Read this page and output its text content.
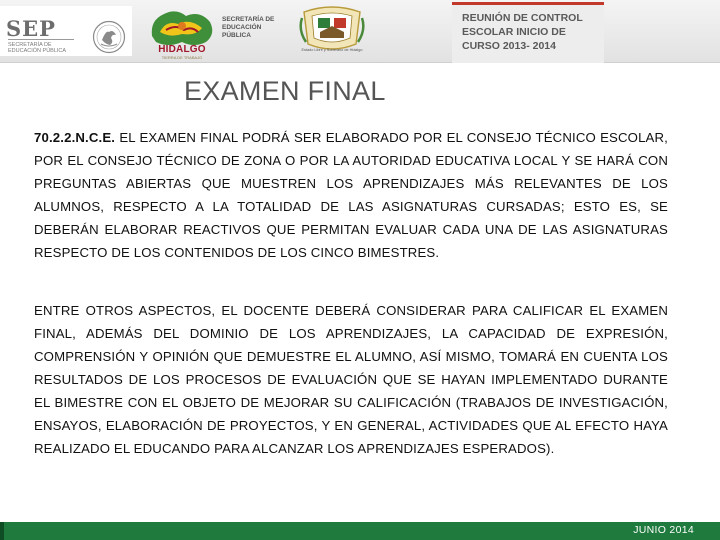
SEP
SECRETARÍA DE EDUCACIÓN PÚBLICA	HIDALGO
TIERRA DE TRABAJO
SECRETARÍA DE EDUCACIÓN PÚBLICA
Estado Libre y Soberano de Hidalgo
REUNIÓN DE CONTROL ESCOLAR INICIO DE CURSO 2013- 2014
EXAMEN FINAL
70.2.2.N.C.E. EL EXAMEN FINAL PODRÁ SER ELABORADO POR EL CONSEJO TÉCNICO ESCOLAR, POR EL CONSEJO TÉCNICO DE ZONA O POR LA AUTORIDAD EDUCATIVA LOCAL Y SE HARÁ CON PREGUNTAS ABIERTAS QUE MUESTREN LOS APRENDIZAJES MÁS RELEVANTES DE LOS ALUMNOS, RESPECTO A LA TOTALIDAD DE LAS ASIGNATURAS CURSADAS; ESTO ES, SE DEBERÁN ELABORAR REACTIVOS QUE PERMITAN EVALUAR CADA UNA DE LAS ASIGNATURAS RESPECTO DE LOS CONTENIDOS DE LOS CINCO BIMESTRES.
ENTRE OTROS ASPECTOS, EL DOCENTE DEBERÁ CONSIDERAR PARA CALIFICAR EL EXAMEN FINAL, ADEMÁS DEL DOMINIO DE LOS APRENDIZAJES, LA CAPACIDAD DE EXPRESIÓN, COMPRENSIÓN Y OPINIÓN QUE DEMUESTRE EL ALUMNO, ASÍ MISMO, TOMARÁ EN CUENTA LOS RESULTADOS DE LOS PROCESOS DE EVALUACIÓN QUE SE HAYAN IMPLEMENTADO DURANTE EL BIMESTRE CON EL OBJETO DE MEJORAR SU CALIFICACIÓN (TRABAJOS DE INVESTIGACIÓN, ENSAYOS, ELABORACIÓN DE PROYECTOS, Y EN GENERAL, ACTIVIDADES QUE AL EFECTO HAYA REALIZADO EL EDUCANDO PARA ALCANZAR LOS APRENDIZAJES ESPERADOS).
JUNIO 2014
